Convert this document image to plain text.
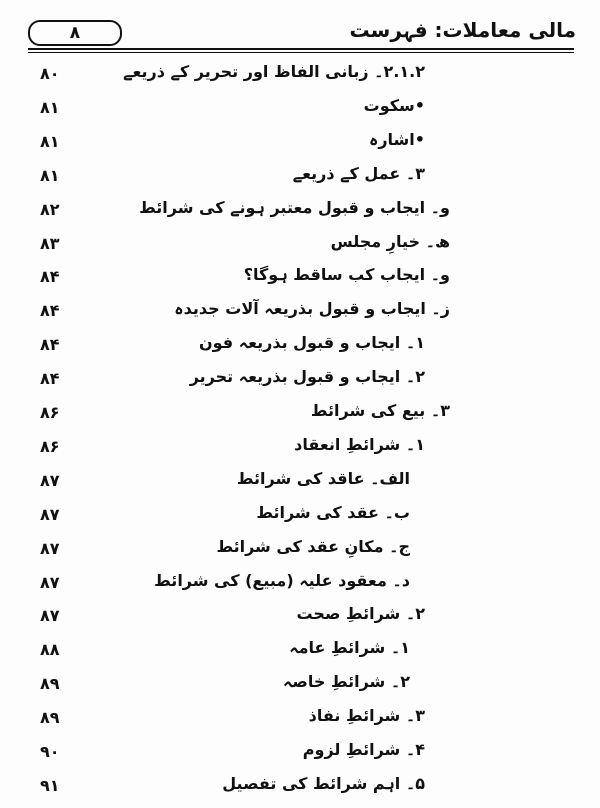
۸	مالی معاملات: فہرست
۸۰	۲.۱.۲۔ زبانی الفاظ اور تحریر کے ذریعے
۸۱	•سکوت
۸۱	•اشارہ
۸۱	۳۔ عمل کے ذریعے
۸۲	و۔ ایجاب و قبول معتبر ہونے کی شرائط
۸۳	ھ۔ خیارِ مجلس
۸۴	و۔ ایجاب کب ساقط ہوگا؟
۸۴	ز۔ ایجاب و قبول بذریعہ آلات جدیدہ
۸۴	۱۔ ایجاب و قبول بذریعہ فون
۸۴	۲۔ ایجاب و قبول بذریعہ تحریر
۸۶	۳۔ بیع کی شرائط
۸۶	۱۔ شرائطِ انعقاد
۸۷	الف۔ عاقد کی شرائط
۸۷	ب۔ عقد کی شرائط
۸۷	ج۔ مکانِ عقد کی شرائط
۸۷	د۔ معقود علیہ (مبیع) کی شرائط
۸۷	۲۔ شرائطِ صحت
۸۸	۱۔ شرائطِ عامہ
۸۹	۲۔ شرائطِ خاصہ
۸۹	۳۔ شرائطِ نفاذ
۹۰	۴۔ شرائطِ لزوم
۹۱	۵۔ اہم شرائط کی تفصیل
